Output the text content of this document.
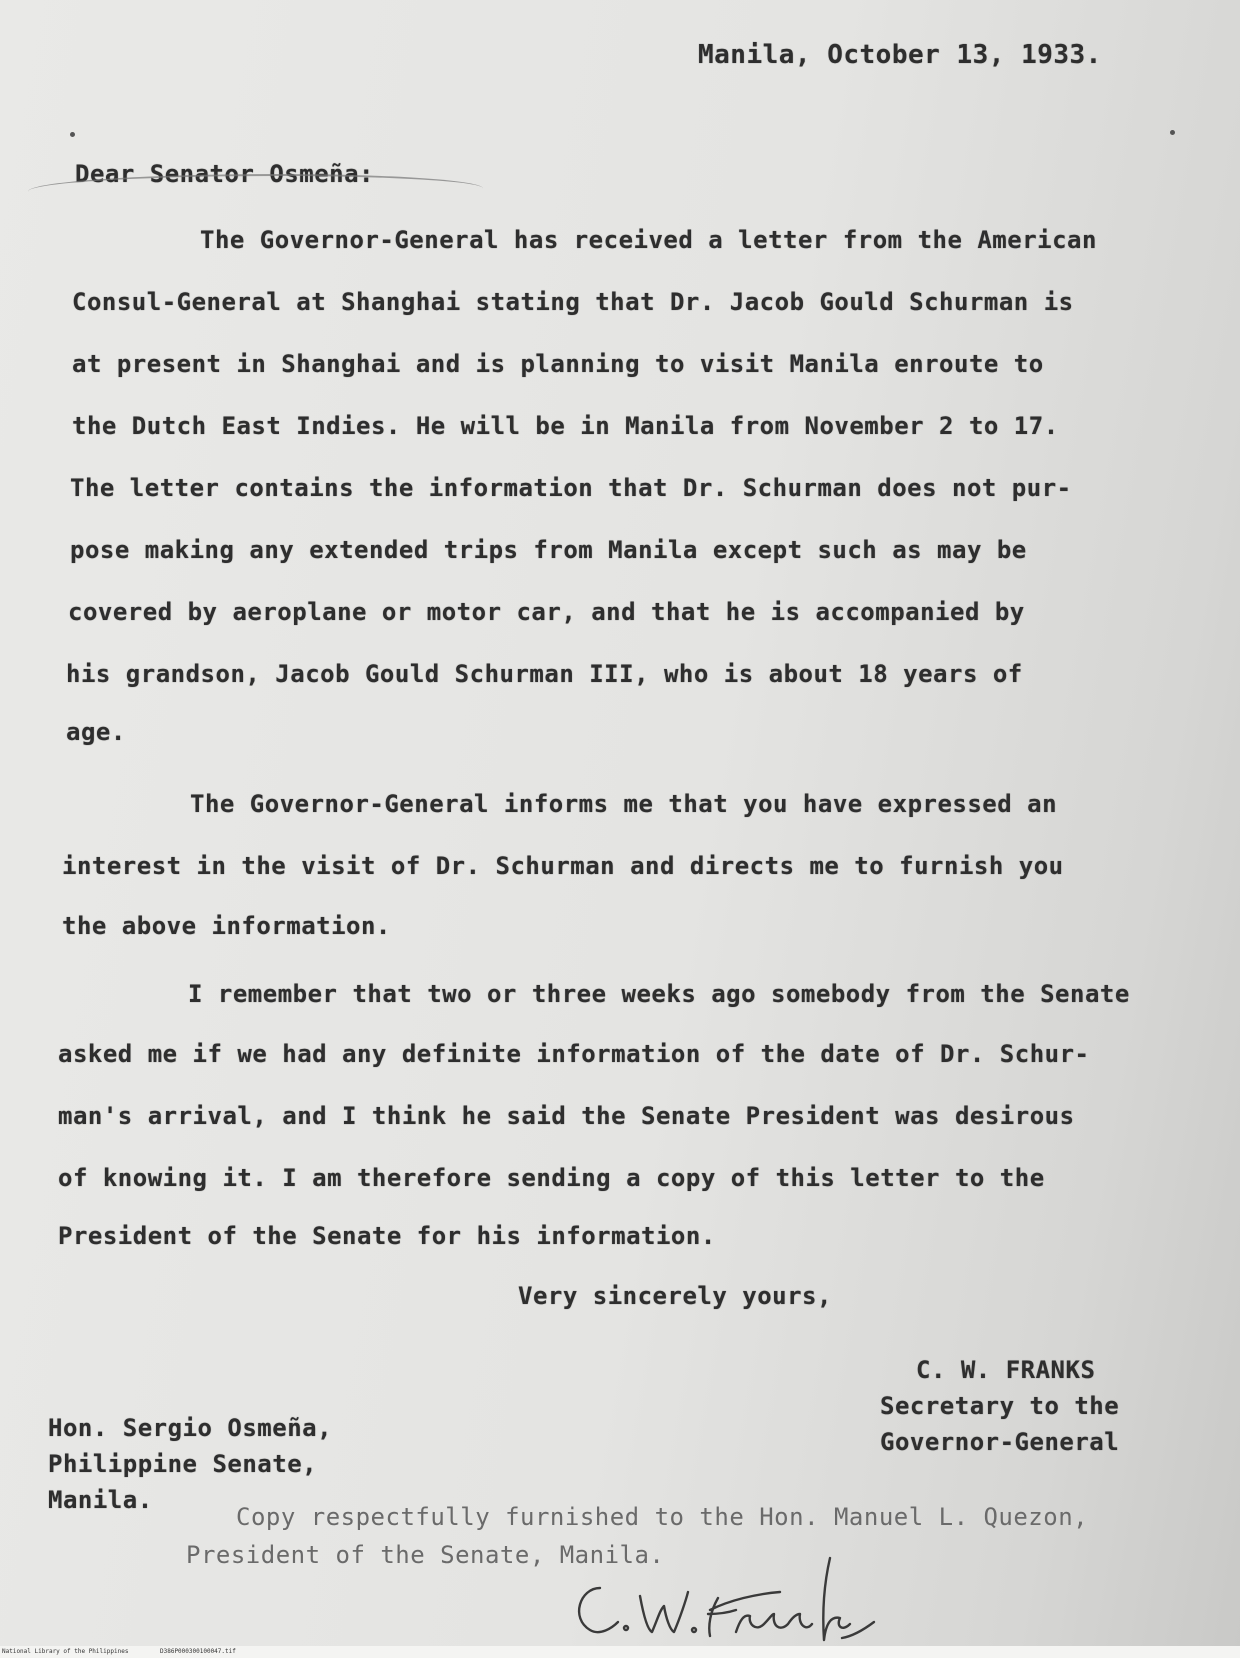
Manila, October 13, 1933.
Dear Senator Osmeña:
The Governor-General has received a letter from the American
Consul-General at Shanghai stating that Dr. Jacob Gould Schurman is
at present in Shanghai and is planning to visit Manila enroute to
the Dutch East Indies. He will be in Manila from November 2 to 17.
The letter contains the information that Dr. Schurman does not pur-
pose making any extended trips from Manila except such as may be
covered by aeroplane or motor car, and that he is accompanied by
his grandson, Jacob Gould Schurman III, who is about 18 years of
age.
The Governor-General informs me that you have expressed an
interest in the visit of Dr. Schurman and directs me to furnish you
the above information.
I remember that two or three weeks ago somebody from the Senate
asked me if we had any definite information of the date of Dr. Schur-
man's arrival, and I think he said the Senate President was desirous
of knowing it. I am therefore sending a copy of this letter to the
President of the Senate for his information.
Very sincerely yours,
C. W. FRANKS
Secretary to the
Governor-General
Hon. Sergio Osmeña,
Philippine Senate,
Manila.
Copy respectfully furnished to the Hon. Manuel L. Quezon,
President of the Senate, Manila.
National Library of the Philippines	D386P000300100047.tif
